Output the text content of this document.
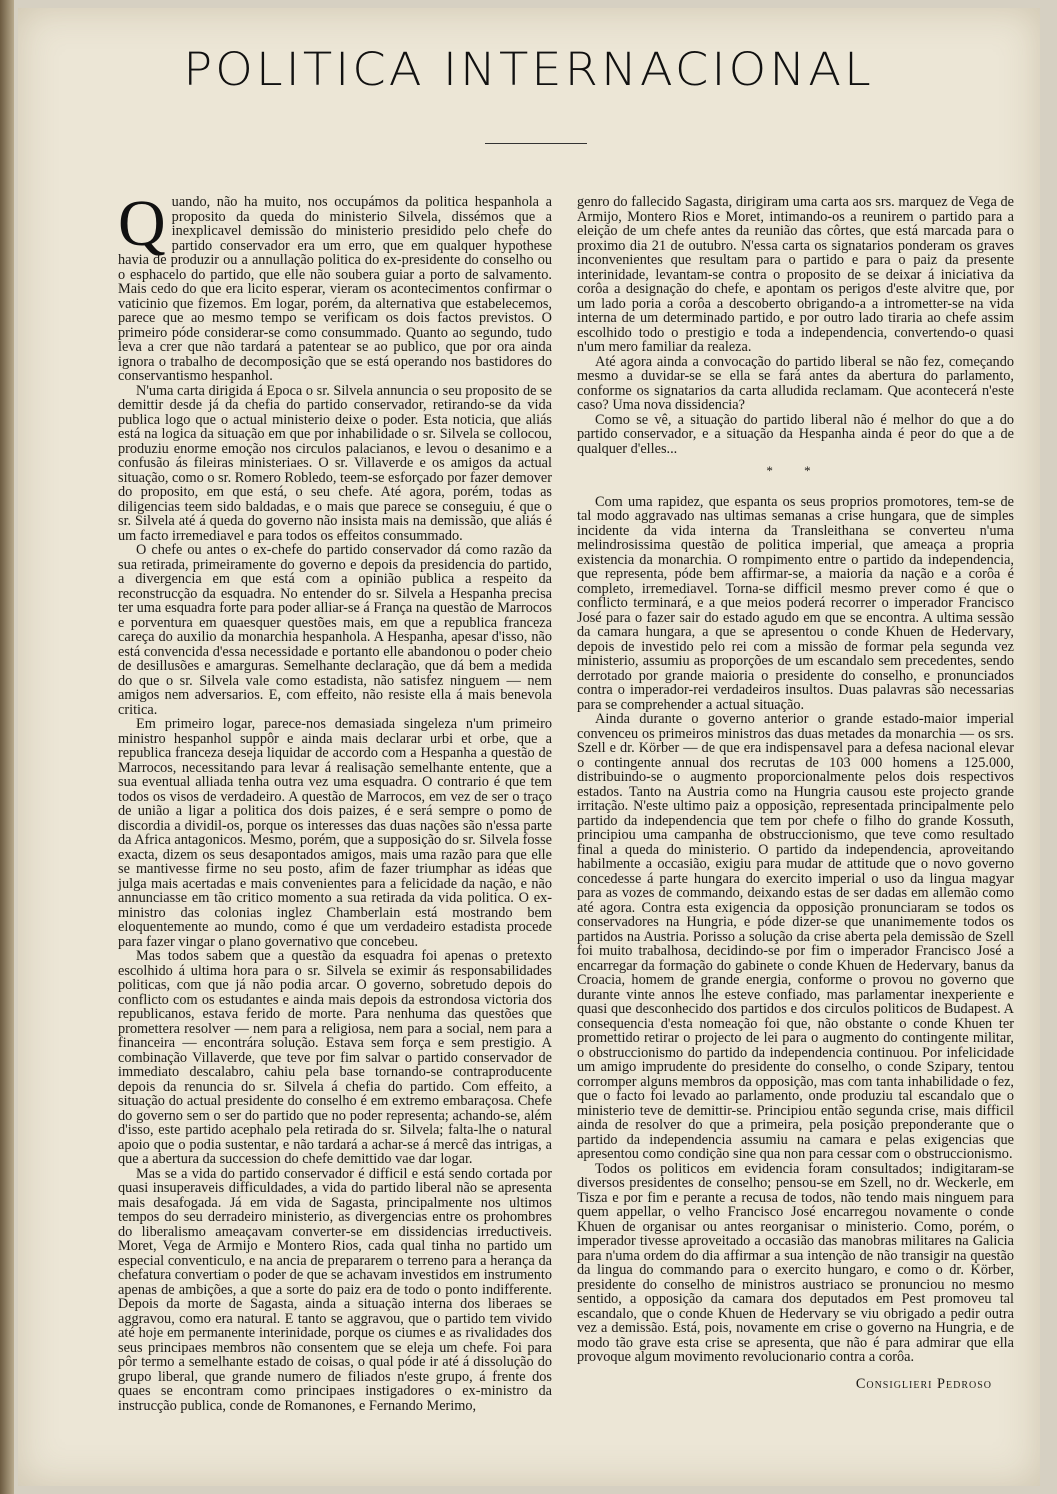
POLITICA INTERNACIONAL

Quando, não ha muito, nos occupámos da politica hespanhola a proposito da queda do ministerio Silvela, dissémos que a inexplicavel demissão do ministerio presidido pelo chefe do partido conservador era um erro, que em qualquer hypothese havia de produzir ou a annullação politica do ex-presidente do conselho ou o esphacelo do partido, que elle não soubera guiar a porto de salvamento. Mais cedo do que era licito esperar, vieram os acontecimentos confirmar o vaticinio que fizemos. Em logar, porém, da alternativa que estabelecemos, parece que ao mesmo tempo se verificam os dois factos previstos. O primeiro póde considerar-se como consummado. Quanto ao segundo, tudo leva a crer que não tardará a patentear se ao publico, que por ora ainda ignora o trabalho de decomposição que se está operando nos bastidores do conservantismo hespanhol.

N'uma carta dirigida á Epoca o sr. Silvela annuncia o seu proposito de se demittir desde já da chefia do partido conservador, retirando-se da vida publica logo que o actual ministerio deixe o poder. Esta noticia, que aliás está na logica da situação em que por inhabilidade o sr. Silvela se collocou, produziu enorme emoção nos circulos palacianos, e levou o desanimo e a confusão ás fileiras ministeriaes. O sr. Villaverde e os amigos da actual situação, como o sr. Romero Robledo, teem-se esforçado por fazer demover do proposito, em que está, o seu chefe. Até agora, porém, todas as diligencias teem sido baldadas, e o mais que parece se conseguiu, é que o sr. Silvela até á queda do governo não insista mais na demissão, que aliás é um facto irremediavel e para todos os effeitos consummado.

O chefe ou antes o ex-chefe do partido conservador dá como razão da sua retirada, primeiramente do governo e depois da presidencia do partido, a divergencia em que está com a opinião publica a respeito da reconstrucção da esquadra. No entender do sr. Silvela a Hespanha precisa ter uma esquadra forte para poder alliar-se á França na questão de Marrocos e porventura em quaesquer questões mais, em que a republica franceza careça do auxilio da monarchia hespanhola. A Hespanha, apesar d'isso, não está convencida d'essa necessidade e portanto elle abandonou o poder cheio de desillusões e amarguras. Semelhante declaração, que dá bem a medida do que o sr. Silvela vale como estadista, não satisfez ninguem — nem amigos nem adversarios. E, com effeito, não resiste ella á mais benevola critica.

Em primeiro logar, parece-nos demasiada singeleza n'um primeiro ministro hespanhol suppôr e ainda mais declarar urbi et orbe, que a republica franceza deseja liquidar de accordo com a Hespanha a questão de Marrocos, necessitando para levar á realisação semelhante entente, que a sua eventual alliada tenha outra vez uma esquadra. O contrario é que tem todos os visos de verdadeiro. A questão de Marrocos, em vez de ser o traço de união a ligar a politica dos dois paizes, é e será sempre o pomo de discordia a dividil-os, porque os interesses das duas nações são n'essa parte da Africa antagonicos. Mesmo, porém, que a supposição do sr. Silvela fosse exacta, dizem os seus desapontados amigos, mais uma razão para que elle se mantivesse firme no seu posto, afim de fazer triumphar as idéas que julga mais acertadas e mais convenientes para a felicidade da nação, e não annunciasse em tão critico momento a sua retirada da vida politica. O ex-ministro das colonias inglez Chamberlain está mostrando bem eloquentemente ao mundo, como é que um verdadeiro estadista procede para fazer vingar o plano governativo que concebeu.

Mas todos sabem que a questão da esquadra foi apenas o pretexto escolhido á ultima hora para o sr. Silvela se eximir ás responsabilidades politicas, com que já não podia arcar. O governo, sobretudo depois do conflicto com os estudantes e ainda mais depois da estrondosa victoria dos republicanos, estava ferido de morte. Para nenhuma das questões que promettera resolver — nem para a religiosa, nem para a social, nem para a financeira — encontrára solução. Estava sem força e sem prestigio. A combinação Villaverde, que teve por fim salvar o partido conservador de immediato descalabro, cahiu pela base tornando-se contraproducente depois da renuncia do sr. Silvela á chefia do partido. Com effeito, a situação do actual presidente do conselho é em extremo embaraçosa. Chefe do governo sem o ser do partido que no poder representa; achando-se, além d'isso, este partido acephalo pela retirada do sr. Silvela; falta-lhe o natural apoio que o podia sustentar, e não tardará a achar-se á mercê das intrigas, a que a abertura da succession do chefe demittido vae dar logar.

Mas se a vida do partido conservador é difficil e está sendo cortada por quasi insuperaveis difficuldades, a vida do partido liberal não se apresenta mais desafogada. Já em vida de Sagasta, principalmente nos ultimos tempos do seu derradeiro ministerio, as divergencias entre os prohombres do liberalismo ameaçavam converter-se em dissidencias irreductiveis. Moret, Vega de Armijo e Montero Rios, cada qual tinha no partido um especial conventiculo, e na ancia de prepararem o terreno para a herança da chefatura convertiam o poder de que se achavam investidos em instrumento apenas de ambições, a que a sorte do paiz era de todo o ponto indifferente. Depois da morte de Sagasta, ainda a situação interna dos liberaes se aggravou, como era natural. E tanto se aggravou, que o partido tem vivido até hoje em permanente interinidade, porque os ciumes e as rivalidades dos seus principaes membros não consentem que se eleja um chefe. Foi para pôr termo a semelhante estado de coisas, o qual póde ir até á dissolução do grupo liberal, que grande numero de filiados n'este grupo, á frente dos quaes se encontram como principaes instigadores o ex-ministro da instrucção publica, conde de Romanones, e Fernando Merimo,

genro do fallecido Sagasta, dirigiram uma carta aos srs. marquez de Vega de Armijo, Montero Rios e Moret, intimando-os a reunirem o partido para a eleição de um chefe antes da reunião das côrtes, que está marcada para o proximo dia 21 de outubro. N'essa carta os signatarios ponderam os graves inconvenientes que resultam para o partido e para o paiz da presente interinidade, levantam-se contra o proposito de se deixar á iniciativa da corôa a designação do chefe, e apontam os perigos d'este alvitre que, por um lado poria a corôa a descoberto obrigando-a a intrometter-se na vida interna de um determinado partido, e por outro lado tiraria ao chefe assim escolhido todo o prestigio e toda a independencia, convertendo-o quasi n'um mero familiar da realeza.

Até agora ainda a convocação do partido liberal se não fez, começando mesmo a duvidar-se se ella se fará antes da abertura do parlamento, conforme os signatarios da carta alludida reclamam. Que acontecerá n'este caso? Uma nova dissidencia?

Como se vê, a situação do partido liberal não é melhor do que a do partido conservador, e a situação da Hespanha ainda é peor do que a de qualquer d'elles...

* *

Com uma rapidez, que espanta os seus proprios promotores, tem-se de tal modo aggravado nas ultimas semanas a crise hungara, que de simples incidente da vida interna da Transleithana se converteu n'uma melindrosissima questão de politica imperial, que ameaça a propria existencia da monarchia. O rompimento entre o partido da independencia, que representa, póde bem affirmar-se, a maioria da nação e a corôa é completo, irremediavel. Torna-se difficil mesmo prever como é que o conflicto terminará, e a que meios poderá recorrer o imperador Francisco José para o fazer sair do estado agudo em que se encontra. A ultima sessão da camara hungara, a que se apresentou o conde Khuen de Hedervary, depois de investido pelo rei com a missão de formar pela segunda vez ministerio, assumiu as proporções de um escandalo sem precedentes, sendo derrotado por grande maioria o presidente do conselho, e pronunciados contra o imperador-rei verdadeiros insultos. Duas palavras são necessarias para se comprehender a actual situação.

Ainda durante o governo anterior o grande estado-maior imperial convenceu os primeiros ministros das duas metades da monarchia — os srs. Szell e dr. Körber — de que era indispensavel para a defesa nacional elevar o contingente annual dos recrutas de 103 000 homens a 125.000, distribuindo-se o augmento proporcionalmente pelos dois respectivos estados. Tanto na Austria como na Hungria causou este projecto grande irritação. N'este ultimo paiz a opposição, representada principalmente pelo partido da independencia que tem por chefe o filho do grande Kossuth, principiou uma campanha de obstruccionismo, que teve como resultado final a queda do ministerio. O partido da independencia, aproveitando habilmente a occasião, exigiu para mudar de attitude que o novo governo concedesse á parte hungara do exercito imperial o uso da lingua magyar para as vozes de commando, deixando estas de ser dadas em allemão como até agora. Contra esta exigencia da opposição pronunciaram se todos os conservadores na Hungria, e póde dizer-se que unanimemente todos os partidos na Austria. Porisso a solução da crise aberta pela demissão de Szell foi muito trabalhosa, decidindo-se por fim o imperador Francisco José a encarregar da formação do gabinete o conde Khuen de Hedervary, banus da Croacia, homem de grande energia, conforme o provou no governo que durante vinte annos lhe esteve confiado, mas parlamentar inexperiente e quasi que desconhecido dos partidos e dos circulos politicos de Budapest. A consequencia d'esta nomeação foi que, não obstante o conde Khuen ter promettido retirar o projecto de lei para o augmento do contingente militar, o obstruccionismo do partido da independencia continuou. Por infelicidade um amigo imprudente do presidente do conselho, o conde Szipary, tentou corromper alguns membros da opposição, mas com tanta inhabilidade o fez, que o facto foi levado ao parlamento, onde produziu tal escandalo que o ministerio teve de demittir-se. Principiou então segunda crise, mais difficil ainda de resolver do que a primeira, pela posição preponderante que o partido da independencia assumiu na camara e pelas exigencias que apresentou como condição sine qua non para cessar com o obstruccionismo.

Todos os politicos em evidencia foram consultados; indigitaram-se diversos presidentes de conselho; pensou-se em Szell, no dr. Weckerle, em Tisza e por fim e perante a recusa de todos, não tendo mais ninguem para quem appellar, o velho Francisco José encarregou novamente o conde Khuen de organisar ou antes reorganisar o ministerio. Como, porém, o imperador tivesse aproveitado a occasião das manobras militares na Galicia para n'uma ordem do dia affirmar a sua intenção de não transigir na questão da lingua do commando para o exercito hungaro, e como o dr. Körber, presidente do conselho de ministros austriaco se pronunciou no mesmo sentido, a opposição da camara dos deputados em Pest promoveu tal escandalo, que o conde Khuen de Hedervary se viu obrigado a pedir outra vez a demissão. Está, pois, novamente em crise o governo na Hungria, e de modo tão grave esta crise se apresenta, que não é para admirar que ella provoque algum movimento revolucionario contra a corôa.

Consiglieri Pedroso
